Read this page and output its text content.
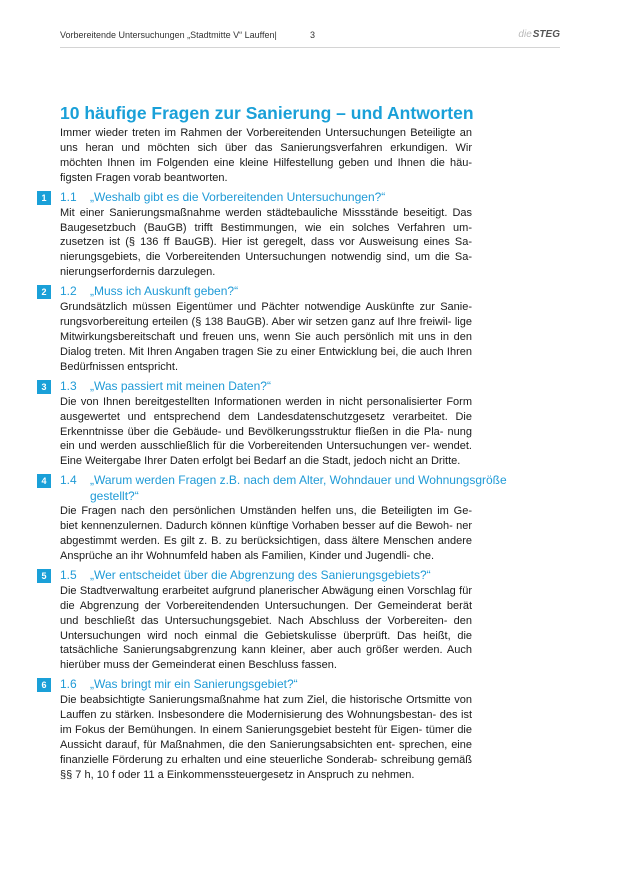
Vorbereitende Untersuchungen „Stadtmitte V“ Lauffen|	3	dieSTEG
10 häufige Fragen zur Sanierung – und Antworten

Immer wieder treten im Rahmen der Vorbereitenden Untersuchungen Beteiligte an uns heran und möchten sich über das Sanierungsverfahren erkundigen. Wir möchten Ihnen im Folgenden eine kleine Hilfestellung geben und Ihnen die häu- figsten Fragen vorab beantworten.

1	1.1 „Weshalb gibt es die Vorbereitenden Untersuchungen?“

Mit einer Sanierungsmaßnahme werden städtebauliche Missstände beseitigt. Das Baugesetzbuch (BauGB) trifft Bestimmungen, wie ein solches Verfahren um- zusetzen ist (§ 136 ff BauGB). Hier ist geregelt, dass vor Ausweisung eines Sa- nierungsgebiets, die Vorbereitenden Untersuchungen notwendig sind, um die Sa- nierungserfordernis darzulegen.

2	1.2 „Muss ich Auskunft geben?“

Grundsätzlich müssen Eigentümer und Pächter notwendige Auskünfte zur Sanie- rungsvorbereitung erteilen (§ 138 BauGB). Aber wir setzen ganz auf Ihre freiwil- lige Mitwirkungsbereitschaft und freuen uns, wenn Sie auch persönlich mit uns in den Dialog treten. Mit Ihren Angaben tragen Sie zu einer Entwicklung bei, die auch Ihren Bedürfnissen entspricht.

3	1.3 „Was passiert mit meinen Daten?“

Die von Ihnen bereitgestellten Informationen werden in nicht personalisierter Form ausgewertet und entsprechend dem Landesdatenschutzgesetz verarbeitet. Die Erkenntnisse über die Gebäude- und Bevölkerungsstruktur fließen in die Pla- nung ein und werden ausschließlich für die Vorbereitenden Untersuchungen ver- wendet. Eine Weitergabe Ihrer Daten erfolgt bei Bedarf an die Stadt, jedoch nicht an Dritte.

4	1.4 „Warum werden Fragen z.B. nach dem Alter, Wohndauer und Wohnungsgröße
gestellt?“

Die Fragen nach den persönlichen Umständen helfen uns, die Beteiligten im Ge- biet kennenzulernen. Dadurch können künftige Vorhaben besser auf die Bewoh- ner abgestimmt werden. Es gilt z. B. zu berücksichtigen, dass ältere Menschen andere Ansprüche an ihr Wohnumfeld haben als Familien, Kinder und Jugendli- che.

5	1.5 „Wer entscheidet über die Abgrenzung des Sanierungsgebiets?“

Die Stadtverwaltung erarbeitet aufgrund planerischer Abwägung einen Vorschlag für die Abgrenzung der Vorbereitendenden Untersuchungen. Der Gemeinderat berät und beschließt das Untersuchungsgebiet. Nach Abschluss der Vorbereiten- den Untersuchungen wird noch einmal die Gebietskulisse überprüft. Das heißt, die tatsächliche Sanierungsabgrenzung kann kleiner, aber auch größer werden. Auch hierüber muss der Gemeinderat einen Beschluss fassen.

6	1.6 „Was bringt mir ein Sanierungsgebiet?“

Die beabsichtigte Sanierungsmaßnahme hat zum Ziel, die historische Ortsmitte von Lauffen zu stärken. Insbesondere die Modernisierung des Wohnungsbestan- des ist im Fokus der Bemühungen. In einem Sanierungsgebiet besteht für Eigen- tümer die Aussicht darauf, für Maßnahmen, die den Sanierungsabsichten ent- sprechen, eine finanzielle Förderung zu erhalten und eine steuerliche Sonderab- schreibung gemäß §§ 7 h, 10 f oder 11 a Einkommenssteuergesetz in Anspruch zu nehmen.
